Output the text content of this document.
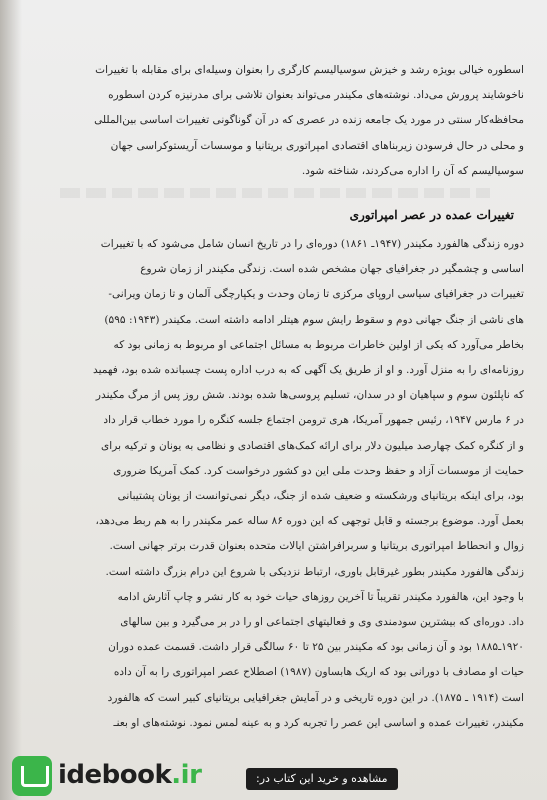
اسطوره خیالی بویژه رشد و خیزش سوسیالیسم کارگری را بعنوان وسیله‌ای برای مقابله با تغییرات
ناخوشایند پرورش می‌داد. نوشته‌های مکیندر می‌تواند بعنوان تلاشی برای مدرنیزه کردن اسطوره
محافظه‌کار سنتی در مورد یک جامعه زنده در عصری که در آن گوناگونی تغییرات اساسی بین‌المللی
و محلی در حال فرسودن زیربناهای اقتصادی امپراتوری بریتانیا و موسسات آریستوکراسی جهان
سوسیالیسم که آن را اداره می‌کردند، شناخته شود.
تغییرات عمده در عصر امپراتوری
دوره زندگی هالفورد مکیندر (۱۹۴۷ـ ۱۸۶۱) دوره‌ای را در تاریخ انسان شامل می‌شود که با تغییرات
اساسی و چشمگیر در جغرافیای جهان مشخص شده است. زندگی مکیندر از زمان شروع
تغییرات در جغرافیای سیاسی اروپای مرکزی تا زمان وحدت و یکپارچگی آلمان و تا زمان ویرانی‌-
های ناشی از جنگ جهانی دوم و سقوط رایش سوم هیتلر ادامه داشته است. مکیندر (۱۹۴۳: ۵۹۵)
بخاطر می‌آورد که یکی از اولین خاطرات مربوط به مسائل اجتماعی او مربوط به زمانی بود که
روزنامه‌ای را به منزل آورد. و او از طریق یک آگهی که به درب اداره پست چسبانده شده بود، فهمید
که ناپلئون سوم و سپاهیان او در سدان، تسلیم پروسی‌ها شده بودند. شش روز پس از مرگ مکیندر
در ۶ مارس ۱۹۴۷، رئیس جمهور آمریکا، هری ترومن اجتماع جلسه کنگره را مورد خطاب قرار داد
و از کنگره کمک چهارصد میلیون دلار برای ارائه کمک‌های اقتصادی و نظامی به یونان و ترکیه برای
حمایت از موسسات آزاد و حفظ وحدت ملی این دو کشور درخواست کرد. کمک آمریکا ضروری
بود، برای اینکه بریتانیای ورشکسته و ضعیف شده از جنگ، دیگر نمی‌توانست از یونان پشتیبانی
بعمل آورد. موضوع برجسته و قابل توجهی که این دوره ۸۶ ساله عمر مکیندر را به هم ربط می‌دهد،
زوال و انحطاط امپراتوری بریتانیا و سربرافراشتن ایالات متحده بعنوان قدرت برتر جهانی است.
زندگی هالفورد مکیندر بطور غیرقابل باوری، ارتباط نزدیکی با شروع این درام بزرگ داشته است.
با وجود این، هالفورد مکیندر تقریباً تا آخرین روزهای حیات خود به کار نشر و چاپ آثارش ادامه
داد. دوره‌ای که بیشترین سودمندی وی و فعالیتهای اجتماعی او را در بر می‌گیرد و بین سالهای
۱۹۲۰ـ۱۸۸۵ بود و آن زمانی بود که مکیندر بین ۲۵ تا ۶۰ سالگی قرار داشت. قسمت عمده دوران
حیات او مصادف با دورانی بود که اریک هابساون (۱۹۸۷) اصطلاح عصر امپراتوری را به آن داده
است (۱۹۱۴ ـ ۱۸۷۵). در این دوره تاریخی و در آمایش جغرافیایی بریتانیای کبیر است که هالفورد
مکیندر، تغییرات عمده و اساسی این عصر را تجربه کرد و به عینه لمس نمود. نوشته‌های او بعنـ
idebook.ir	مشاهده و خرید این کتاب در:
